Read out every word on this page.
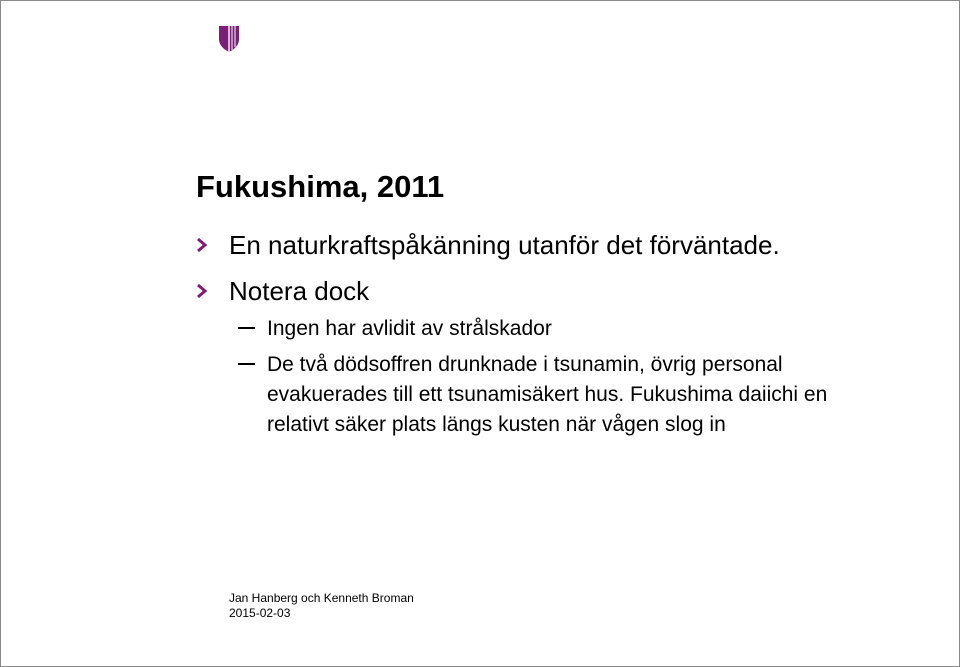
Fukushima, 2011
En naturkraftspåkänning utanför det förväntade.
Notera dock
Ingen har avlidit av strålskador
De två dödsoffren drunknade i tsunamin, övrig personal evakuerades till ett tsunamisäkert hus. Fukushima daiichi en relativt säker plats längs kusten när vågen slog in
Jan Hanberg och Kenneth Broman
2015-02-03
